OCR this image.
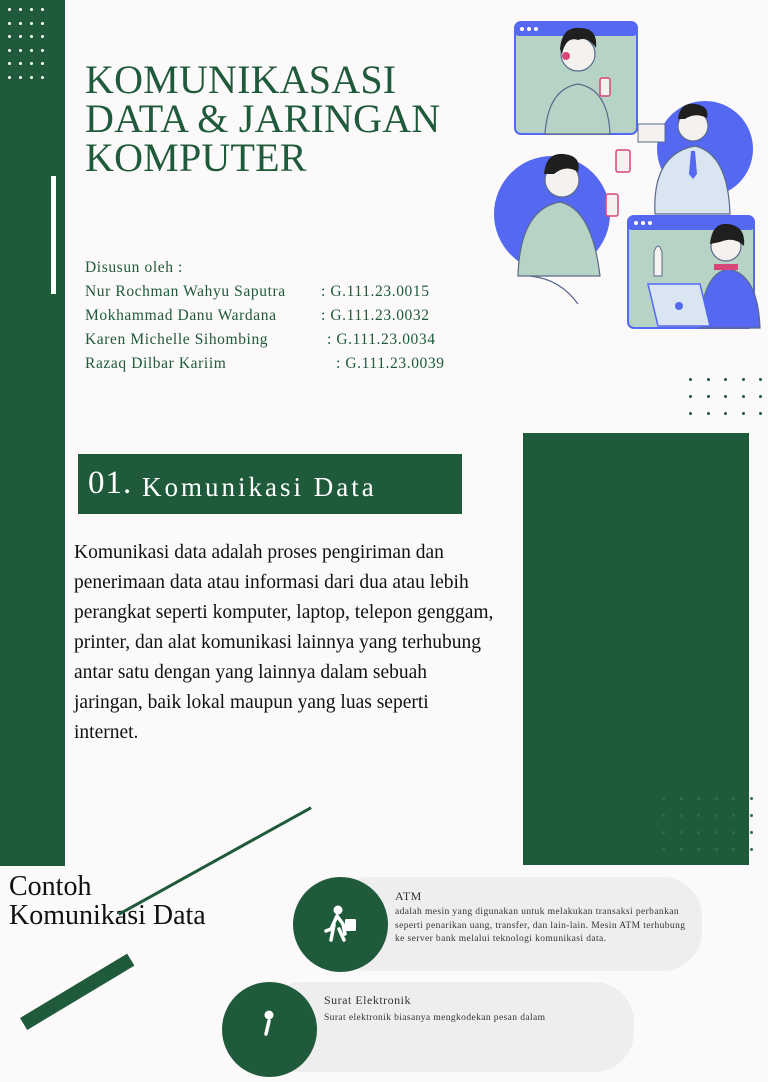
KOMUNIKASASI
DATA & JARINGAN
KOMPUTER
Disusun oleh :
Nur Rochman Wahyu Saputra : G.111.23.0015
Mokhammad Danu Wardana	: G.111.23.0032
Karen Michelle Sihombing	: G.111.23.0034
Razaq Dilbar Kariim	: G.111.23.0039
01. Komunikasi Data
Komunikasi data adalah proses pengiriman dan penerimaan data atau informasi dari dua atau lebih perangkat seperti komputer, laptop, telepon genggam, printer, dan alat komunikasi lainnya yang terhubung antar satu dengan yang lainnya dalam sebuah jaringan, baik lokal maupun yang luas seperti internet.
Contoh
Komunikasi Data
ATM
adalah mesin yang digunakan untuk melakukan transaksi perbankan seperti penarikan uang, transfer, dan lain-lain. Mesin ATM terhubung ke server bank melalui teknologi komunikasi data.
Surat Elektronik
Surat elektronik biasanya mengkodekan pesan dalam
